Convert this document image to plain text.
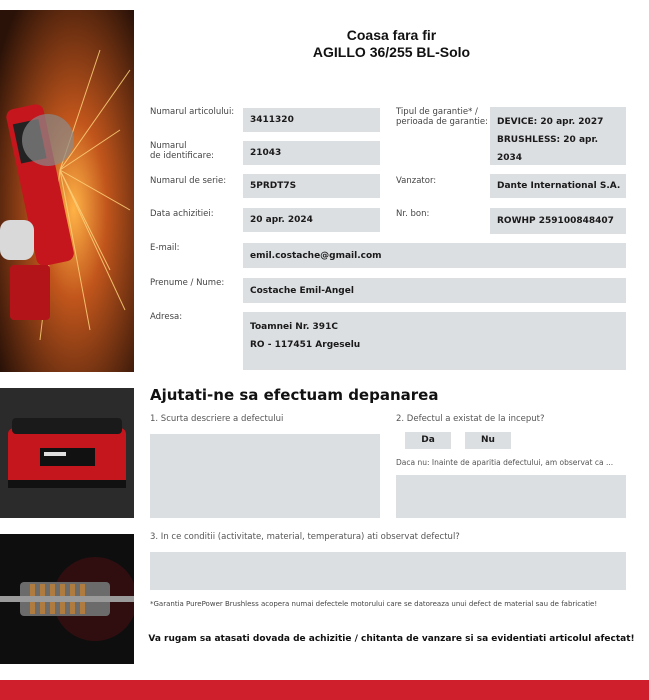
Coasa fara fir
AGILLO 36/255 BL-Solo
Numarul articolului:
Numarul
de identificare:
Numarul de serie:
Data achizitiei:
E-mail:
Prenume / Nume:
Adresa:
3411320
21043
5PRDT7S
20 apr. 2024
Tipul de garantie* /
perioada de garantie:
Vanzator:
Nr. bon:
DEVICE: 20 apr. 2027
BRUSHLESS: 20 apr. 2034
Dante International S.A.
ROWHP 259100848407
emil.costache@gmail.com
Costache Emil-Angel
Toamnei Nr. 391C
RO - 117451 Argeselu
Ajutati-ne sa efectuam depanarea
1. Scurta descriere a defectului	2. Defectul a existat de la inceput?
Da	Nu
Daca nu: Inainte de aparitia defectului, am observat ca ...
3. In ce conditii (activitate, material, temperatura) ati observat defectul?
*Garantia PurePower Brushless acopera numai defectele motorului care se datoreaza unui defect de material sau de fabricatie!
Va rugam sa atasati dovada de achizitie / chitanta de vanzare si sa evidentiati articolul afectat!
